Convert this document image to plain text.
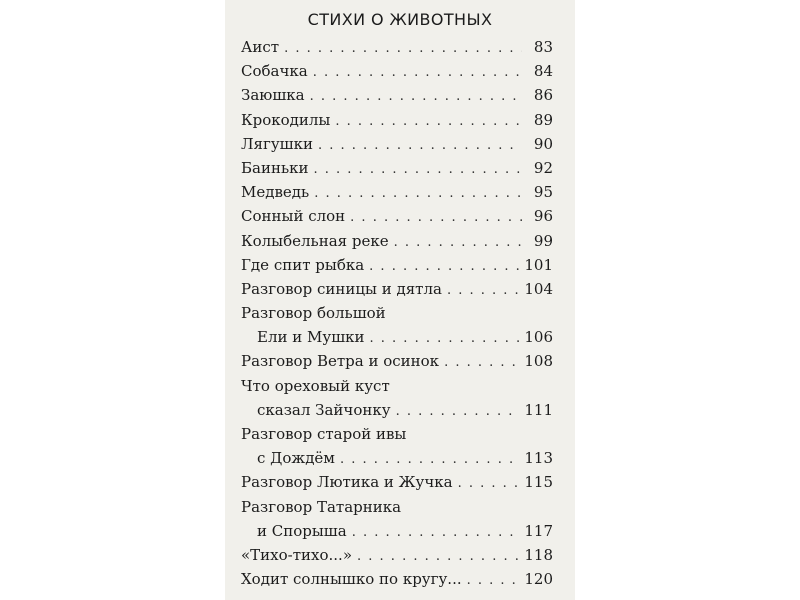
СТИХИ О ЖИВОТНЫХ
Аист . . .	83
Собачка . . .	84
Заюшка . . .	86
Крокодилы . . .	89
Лягушки . . .	90
Баиньки . . .	92
Медведь . . .	95
Сонный слон . . .	96
Колыбельная реке . . .	99
Где спит рыбка . . .	101
Разговор синицы и дятла . . .	104
Разговор большой
Ели и Мушки . . .	106
Разговор Ветра и осинок . . .	108
Что ореховый куст
сказал Зайчонку . . .	111
Разговор старой ивы
с Дождём . . .	113
Разговор Лютика и Жучка . . .	115
Разговор Татарника
и Спорыша . . .	117
«Тихо-тихо...» . . .	118
Ходит солнышко по кругу... . . .	120
